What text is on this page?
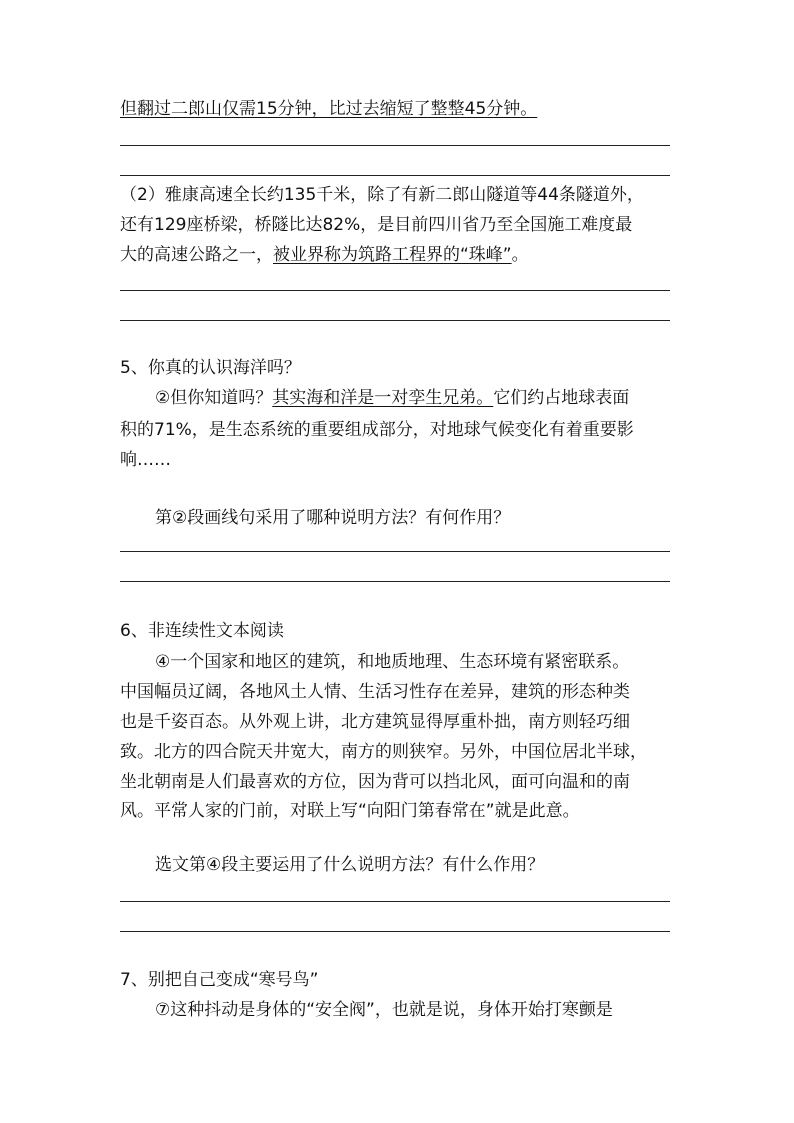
但翻过二郎山仅需15分钟，比过去缩短了整整45分钟。
（2）雅康高速全长约135千米，除了有新二郎山隧道等44条隧道外，
还有129座桥梁，桥隧比达82%，是目前四川省乃至全国施工难度最
大的高速公路之一，被业界称为筑路工程界的“珠峰”。
5、你真的认识海洋吗？
②但你知道吗？其实海和洋是一对孪生兄弟。它们约占地球表面
积的71%，是生态系统的重要组成部分，对地球气候变化有着重要影
响……
第②段画线句采用了哪种说明方法？有何作用？
6、非连续性文本阅读
④一个国家和地区的建筑，和地质地理、生态环境有紧密联系。
中国幅员辽阔，各地风土人情、生活习性存在差异，建筑的形态种类
也是千姿百态。从外观上讲，北方建筑显得厚重朴拙，南方则轻巧细
致。北方的四合院天井宽大，南方的则狭窄。另外，中国位居北半球，
坐北朝南是人们最喜欢的方位，因为背可以挡北风，面可向温和的南
风。平常人家的门前，对联上写“向阳门第春常在”就是此意。
选文第④段主要运用了什么说明方法？有什么作用？
7、别把自己变成“寒号鸟”
⑦这种抖动是身体的“安全阀”，也就是说，身体开始打寒颤是
